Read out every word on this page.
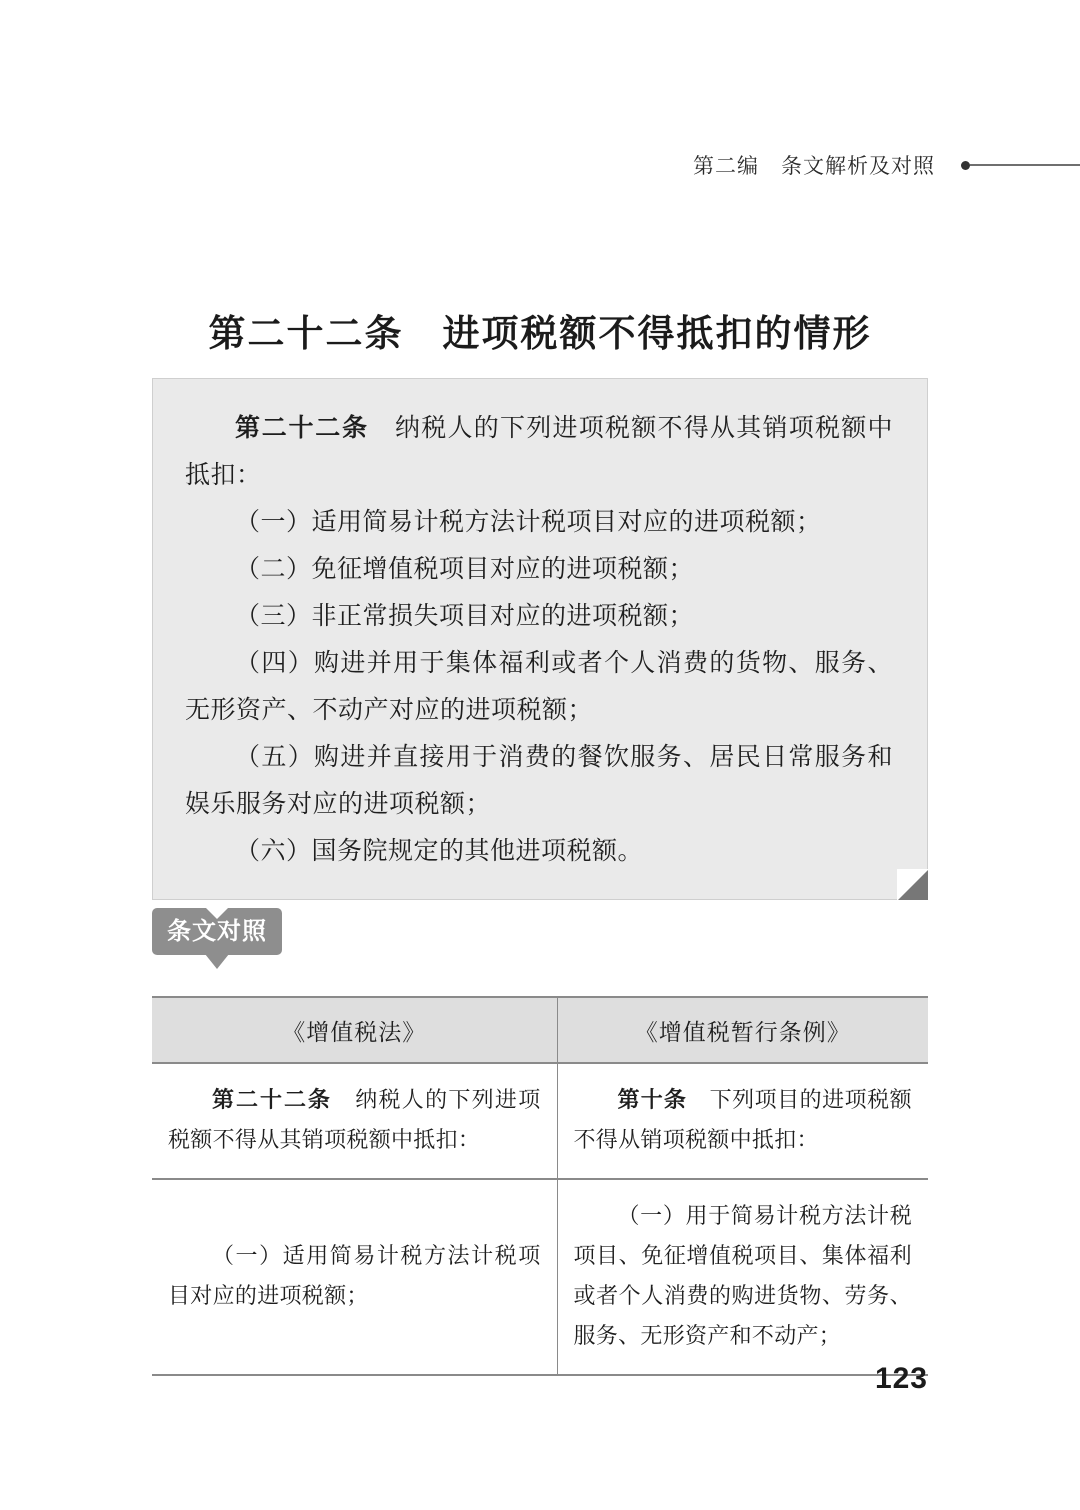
第二编　条文解析及对照
第二十二条　进项税额不得抵扣的情形

第二十二条　 纳税人的下列进项税额不得从其销项税额中抵扣：

（一）适用简易计税方法计税项目对应的进项税额；

（二）免征增值税项目对应的进项税额；

（三）非正常损失项目对应的进项税额；

（四）购进并用于集体福利或者个人消费的货物、服务、无形资产、不动产对应的进项税额；

（五）购进并直接用于消费的餐饮服务、居民日常服务和娱乐服务对应的进项税额；

（六）国务院规定的其他进项税额。

条文对照
《增值税法》	《增值税暂行条例》

第二十二条　 纳税人的下列进项税额不得从其销项税额中抵扣：	第十条　 下列项目的进项税额不得从销项税额中抵扣：

（一）适用简易计税方法计税项目对应的进项税额；	（一）用于简易计税方法计税项目、免征增值税项目、集体福利或者个人消费的购进货物、劳务、服务、无形资产和不动产；

123
